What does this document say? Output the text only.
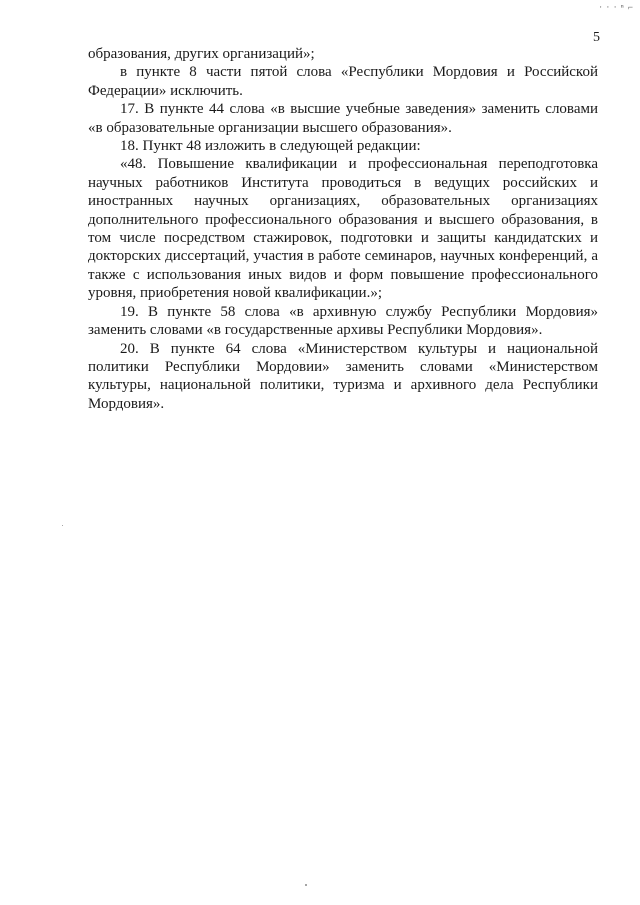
· · · ⁿ ⌐
5

образования, других организаций»;

в пункте 8 части пятой слова «Республики Мордовия и Российской Федерации» исключить.

17. В пункте 44 слова «в высшие учебные заведения» заменить словами «в образовательные организации высшего образования».

18. Пункт 48 изложить в следующей редакции:

«48. Повышение квалификации и профессиональная переподготовка научных работников Института проводиться в ведущих российских и иностранных научных организациях, образовательных организациях дополнительного профессионального образования и высшего образования, в том числе посредством стажировок, подготовки и защиты кандидатских и докторских диссертаций, участия в работе семинаров, научных конференций, а также с использования иных видов и форм повышение профессионального уровня, приобретения новой квалификации.»;

19. В пункте 58 слова «в архивную службу Республики Мордовия» заменить словами «в государственные архивы Республики Мордовия».

20. В пункте 64 слова «Министерством культуры и национальной политики Республики Мордовии» заменить словами «Министерством культуры, национальной политики, туризма и архивного дела Республики Мордовия».
